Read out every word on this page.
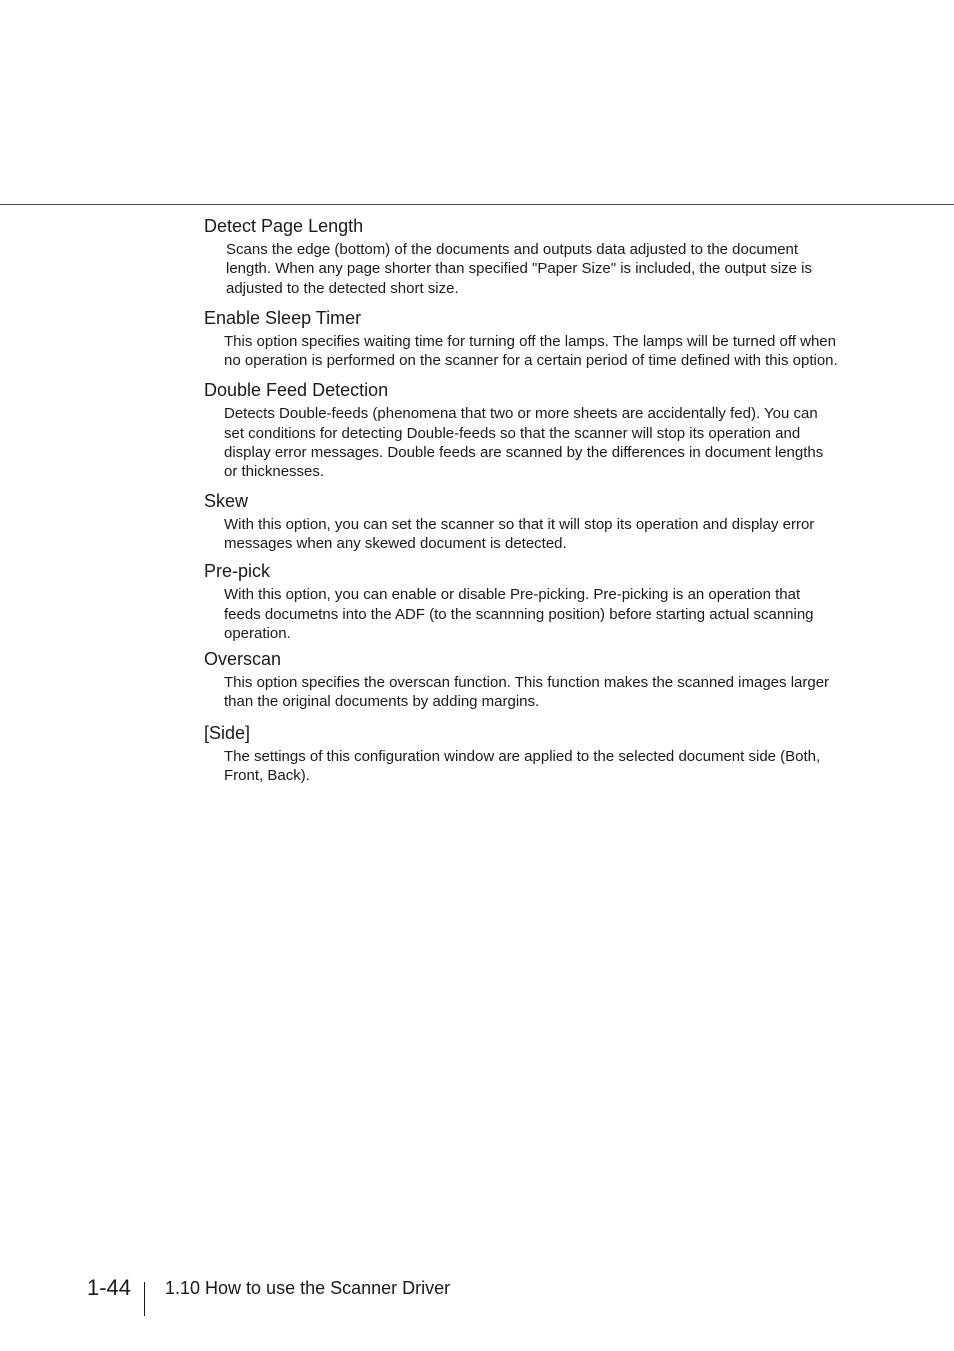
Detect Page Length

Scans the edge (bottom) of the documents and outputs data adjusted to the document length. When any page shorter than specified "Paper Size" is included, the output size is adjusted to the detected short size.

Enable Sleep Timer

This option specifies waiting time for turning off the lamps. The lamps will be turned off when no operation is performed on the scanner for a certain period of time defined with this option.

Double Feed Detection

Detects Double-feeds (phenomena that two or more sheets are accidentally fed). You can set conditions for detecting Double-feeds so that the scanner will stop its operation and display error messages. Double feeds are scanned by the differences in document lengths or thicknesses.

Skew

With this option, you can set the scanner so that it will stop its operation and display error messages when any skewed document is detected.

Pre-pick

With this option, you can enable or disable Pre-picking. Pre-picking is an operation that feeds documetns into the ADF (to the scannning position) before starting actual scanning operation.

Overscan

This option specifies the overscan function. This function makes the scanned images larger than the original documents by adding margins.

[Side]

The settings of this configuration window are applied to the selected document side (Both, Front, Back).

1-44 1.10 How to use the Scanner Driver
